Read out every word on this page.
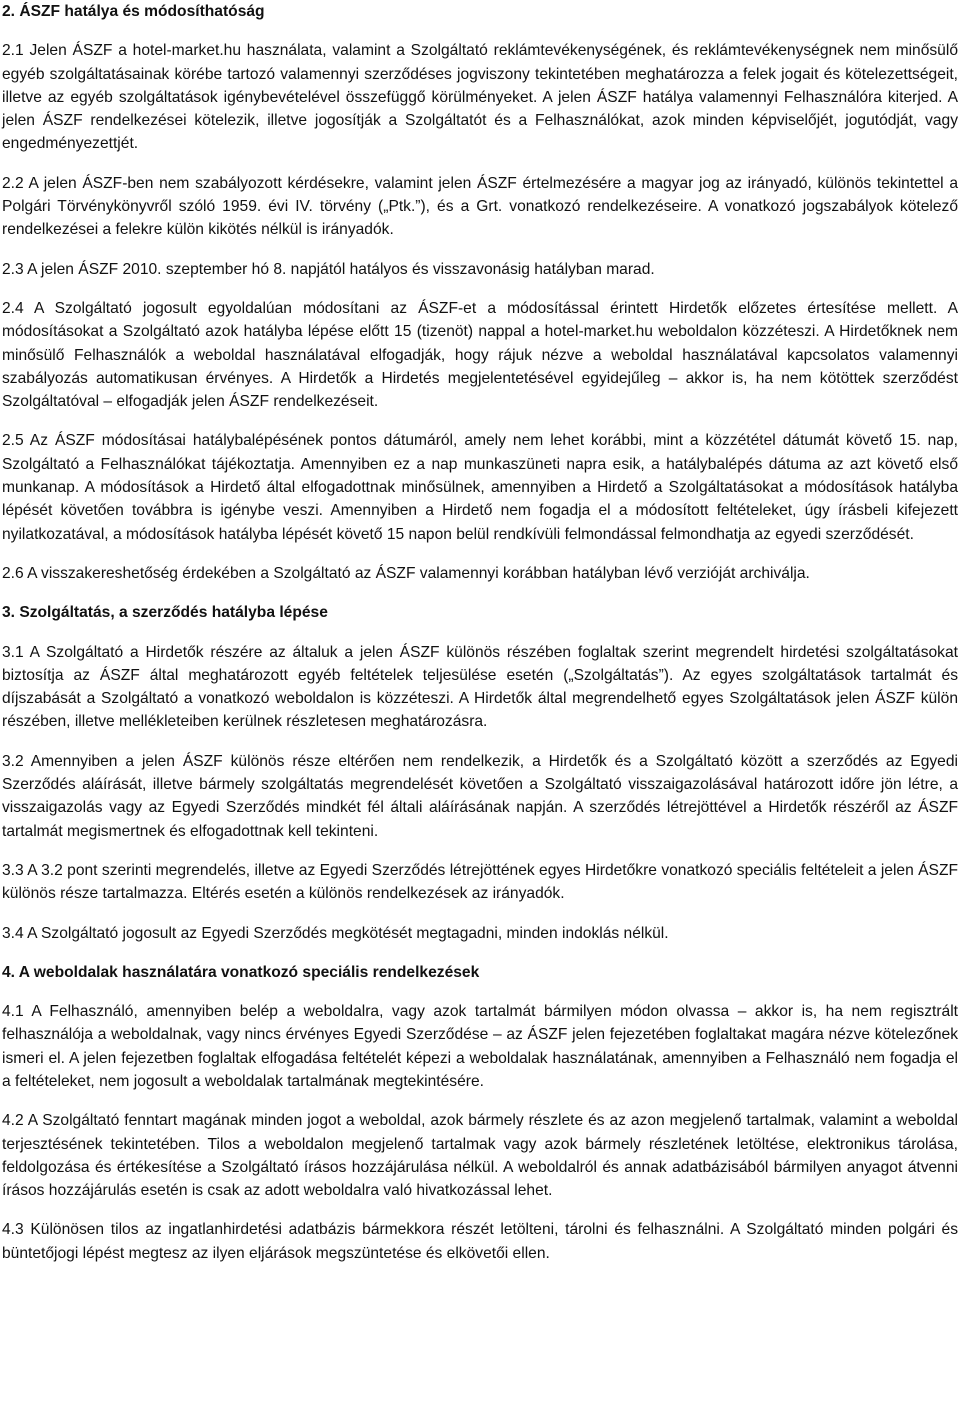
2. ÁSZF hatálya és módosíthatóság

2.1 Jelen ÁSZF a hotel-market.hu használata, valamint a Szolgáltató reklámtevékenységének, és reklámtevékenységnek nem minősülő egyéb szolgáltatásainak körébe tartozó valamennyi szerződéses jogviszony tekintetében meghatározza a felek jogait és kötelezettségeit, illetve az egyéb szolgáltatások igénybevételével összefüggő körülményeket. A jelen ÁSZF hatálya valamennyi Felhasználóra kiterjed. A jelen ÁSZF rendelkezései kötelezik, illetve jogosítják a Szolgáltatót és a Felhasználókat, azok minden képviselőjét, jogutódját, vagy engedményezettjét.

2.2 A jelen ÁSZF-ben nem szabályozott kérdésekre, valamint jelen ÁSZF értelmezésére a magyar jog az irányadó, különös tekintettel a Polgári Törvénykönyvről szóló 1959. évi IV. törvény („Ptk.”), és a Grt. vonatkozó rendelkezéseire. A vonatkozó jogszabályok kötelező rendelkezései a felekre külön kikötés nélkül is irányadók.

2.3 A jelen ÁSZF 2010. szeptember hó 8. napjától hatályos és visszavonásig hatályban marad.

2.4 A Szolgáltató jogosult egyoldalúan módosítani az ÁSZF-et a módosítással érintett Hirdetők előzetes értesítése mellett. A módosításokat a Szolgáltató azok hatályba lépése előtt 15 (tizenöt) nappal a hotel-market.hu weboldalon közzéteszi. A Hirdetőknek nem minősülő Felhasználók a weboldal használatával elfogadják, hogy rájuk nézve a weboldal használatával kapcsolatos valamennyi szabályozás automatikusan érvényes. A Hirdetők a Hirdetés megjelentetésével egyidejűleg – akkor is, ha nem kötöttek szerződést Szolgáltatóval – elfogadják jelen ÁSZF rendelkezéseit.

2.5 Az ÁSZF módosításai hatálybalépésének pontos dátumáról, amely nem lehet korábbi, mint a közzététel dátumát követő 15. nap, Szolgáltató a Felhasználókat tájékoztatja. Amennyiben ez a nap munkaszüneti napra esik, a hatálybalépés dátuma az azt követő első munkanap. A módosítások a Hirdető által elfogadottnak minősülnek, amennyiben a Hirdető a Szolgáltatásokat a módosítások hatályba lépését követően továbbra is igénybe veszi. Amennyiben a Hirdető nem fogadja el a módosított feltételeket, úgy írásbeli kifejezett nyilatkozatával, a módosítások hatályba lépését követő 15 napon belül rendkívüli felmondással felmondhatja az egyedi szerződését.

2.6 A visszakereshetőség érdekében a Szolgáltató az ÁSZF valamennyi korábban hatályban lévő verzióját archiválja.

3. Szolgáltatás, a szerződés hatályba lépése

3.1 A Szolgáltató a Hirdetők részére az általuk a jelen ÁSZF különös részében foglaltak szerint megrendelt hirdetési szolgáltatásokat biztosítja az ÁSZF által meghatározott egyéb feltételek teljesülése esetén („Szolgáltatás”). Az egyes szolgáltatások tartalmát és díjszabását a Szolgáltató a vonatkozó weboldalon is közzéteszi. A Hirdetők által megrendelhető egyes Szolgáltatások jelen ÁSZF külön részében, illetve mellékleteiben kerülnek részletesen meghatározásra.

3.2 Amennyiben a jelen ÁSZF különös része eltérően nem rendelkezik, a Hirdetők és a Szolgáltató között a szerződés az Egyedi Szerződés aláírását, illetve bármely szolgáltatás megrendelését követően a Szolgáltató visszaigazolásával határozott időre jön létre, a visszaigazolás vagy az Egyedi Szerződés mindkét fél általi aláírásának napján. A szerződés létrejöttével a Hirdetők részéről az ÁSZF tartalmát megismertnek és elfogadottnak kell tekinteni.

3.3 A 3.2 pont szerinti megrendelés, illetve az Egyedi Szerződés létrejöttének egyes Hirdetőkre vonatkozó speciális feltételeit a jelen ÁSZF különös része tartalmazza. Eltérés esetén a különös rendelkezések az irányadók.

3.4 A Szolgáltató jogosult az Egyedi Szerződés megkötését megtagadni, minden indoklás nélkül.

4. A weboldalak használatára vonatkozó speciális rendelkezések

4.1 A Felhasználó, amennyiben belép a weboldalra, vagy azok tartalmát bármilyen módon olvassa – akkor is, ha nem regisztrált felhasználója a weboldalnak, vagy nincs érvényes Egyedi Szerződése – az ÁSZF jelen fejezetében foglaltakat magára nézve kötelezőnek ismeri el. A jelen fejezetben foglaltak elfogadása feltételét képezi a weboldalak használatának, amennyiben a Felhasználó nem fogadja el a feltételeket, nem jogosult a weboldalak tartalmának megtekintésére.

4.2 A Szolgáltató fenntart magának minden jogot a weboldal, azok bármely részlete és az azon megjelenő tartalmak, valamint a weboldal terjesztésének tekintetében. Tilos a weboldalon megjelenő tartalmak vagy azok bármely részletének letöltése, elektronikus tárolása, feldolgozása és értékesítése a Szolgáltató írásos hozzájárulása nélkül. A weboldalról és annak adatbázisából bármilyen anyagot átvenni írásos hozzájárulás esetén is csak az adott weboldalra való hivatkozással lehet.

4.3 Különösen tilos az ingatlanhirdetési adatbázis bármekkora részét letölteni, tárolni és felhasználni. A Szolgáltató minden polgári és büntetőjogi lépést megtesz az ilyen eljárások megszüntetése és elkövetői ellen.
